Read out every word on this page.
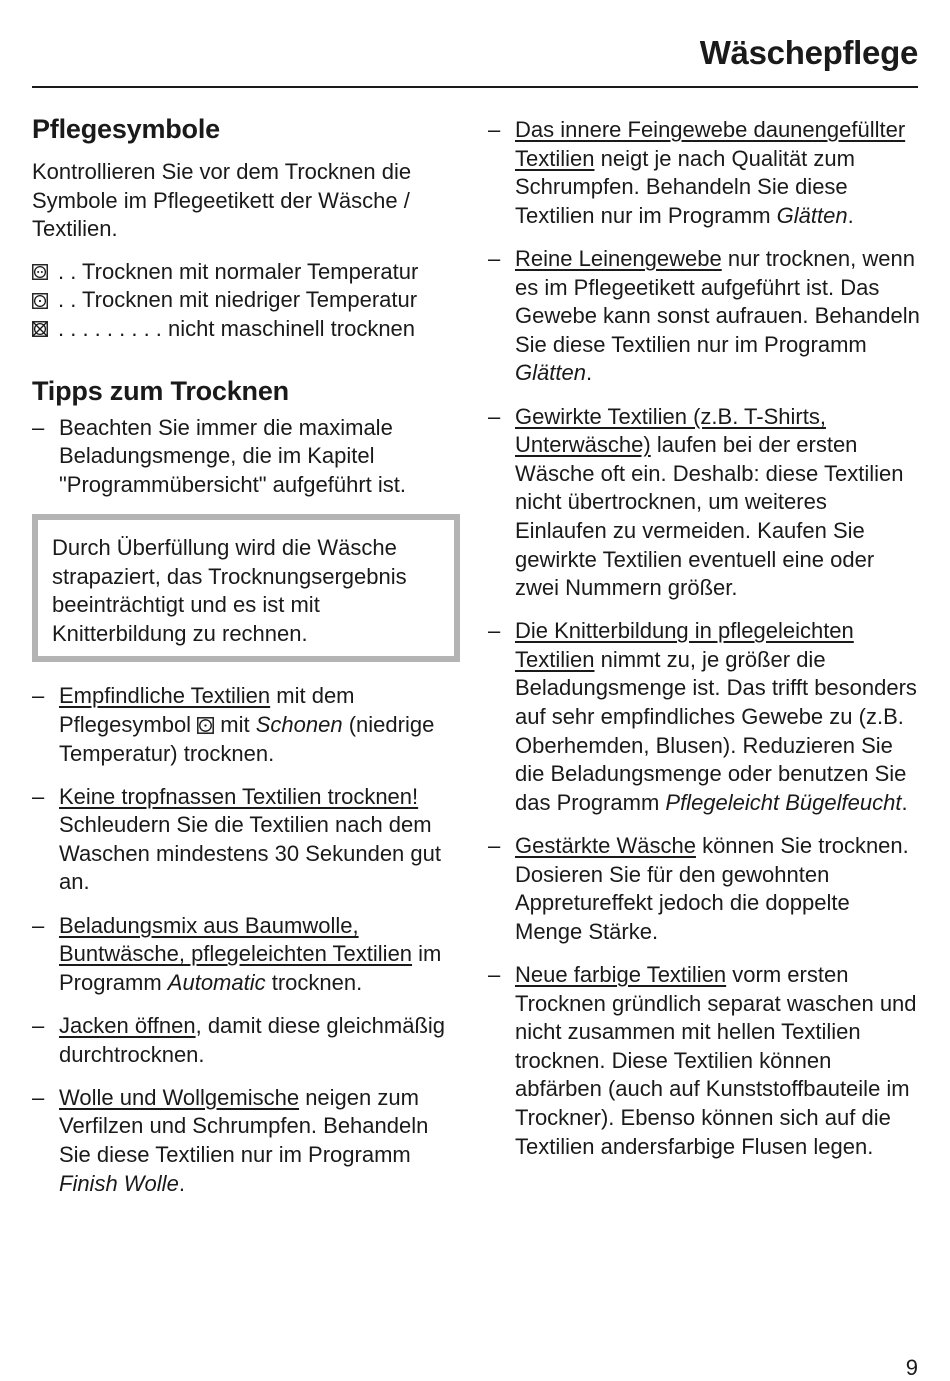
Wäschepflege
Pflegesymbole

Kontrollieren Sie vor dem Trocknen die Symbole im Pflegeetikett der Wäsche / Textilien.

. . Trocknen mit normaler Temperatur
. . Trocknen mit niedriger Temperatur
. . . . . . . . . nicht maschinell trocknen
Tipps zum Trocknen
– Beachten Sie immer die maximale Beladungsmenge, die im Kapitel "Programmübersicht" aufgeführt ist.

Durch Überfüllung wird die Wäsche strapaziert, das Trocknungsergebnis beeinträchtigt und es ist mit Knitterbildung zu rechnen.

– Empfindliche Textilien mit dem Pflegesymbol  mit Schonen (niedrige Temperatur) trocknen.
– Keine tropfnassen Textilien trocknen! Schleudern Sie die Textilien nach dem Waschen mindestens 30 Sekunden gut an.
– Beladungsmix aus Baumwolle, Buntwäsche, pflegeleichten Textilien im Programm Automatic trocknen.
– Jacken öffnen, damit diese gleichmäßig durchtrocknen.
– Wolle und Wollgemische neigen zum Verfilzen und Schrumpfen. Behandeln Sie diese Textilien nur im Programm Finish Wolle.
– Das innere Feingewebe daunengefüllter Textilien neigt je nach Qualität zum Schrumpfen. Behandeln Sie diese Textilien nur im Programm Glätten.
– Reine Leinengewebe nur trocknen, wenn es im Pflegeetikett aufgeführt ist. Das Gewebe kann sonst aufrauen. Behandeln Sie diese Textilien nur im Programm Glätten.
– Gewirkte Textilien (z.B. T-Shirts, Unterwäsche) laufen bei der ersten Wäsche oft ein. Deshalb: diese Textilien nicht übertrocknen, um weiteres Einlaufen zu vermeiden. Kaufen Sie gewirkte Textilien eventuell eine oder zwei Nummern größer.
– Die Knitterbildung in pflegeleichten Textilien nimmt zu, je größer die Beladungsmenge ist. Das trifft besonders auf sehr empfindliches Gewebe zu (z.B. Oberhemden, Blusen). Reduzieren Sie die Beladungsmenge oder benutzen Sie das Programm Pflegeleicht Bügelfeucht.
– Gestärkte Wäsche können Sie trocknen. Dosieren Sie für den gewohnten Appretureffekt jedoch die doppelte Menge Stärke.
– Neue farbige Textilien vorm ersten Trocknen gründlich separat waschen und nicht zusammen mit hellen Textilien trocknen. Diese Textilien können abfärben (auch auf Kunststoffbauteile im Trockner). Ebenso können sich auf die Textilien andersfarbige Flusen legen.
9
